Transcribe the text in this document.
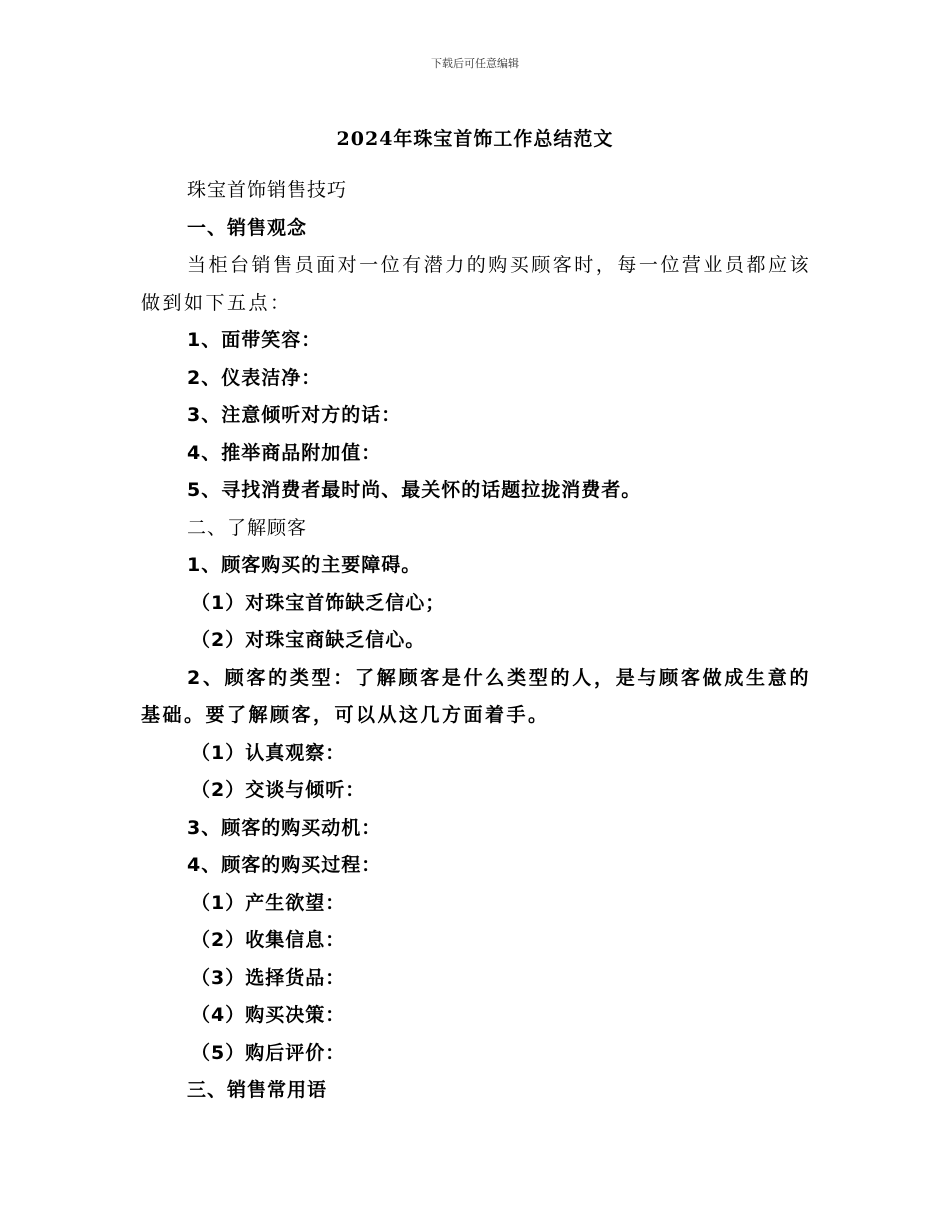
下载后可任意编辑
2024年珠宝首饰工作总结范文
珠宝首饰销售技巧
一、销售观念
当柜台销售员面对一位有潜力的购买顾客时，每一位营业员都应该做到如下五点：
1、面带笑容：
2、仪表洁净：
3、注意倾听对方的话：
4、推举商品附加值：
5、寻找消费者最时尚、最关怀的话题拉拢消费者。
二、了解顾客
1、顾客购买的主要障碍。
（1）对珠宝首饰缺乏信心；
（2）对珠宝商缺乏信心。
2、顾客的类型：了解顾客是什么类型的人，是与顾客做成生意的基础。要了解顾客，可以从这几方面着手。
（1）认真观察：
（2）交谈与倾听：
3、顾客的购买动机：
4、顾客的购买过程：
（1）产生欲望：
（2）收集信息：
（3）选择货品：
（4）购买决策：
（5）购后评价：
三、销售常用语
